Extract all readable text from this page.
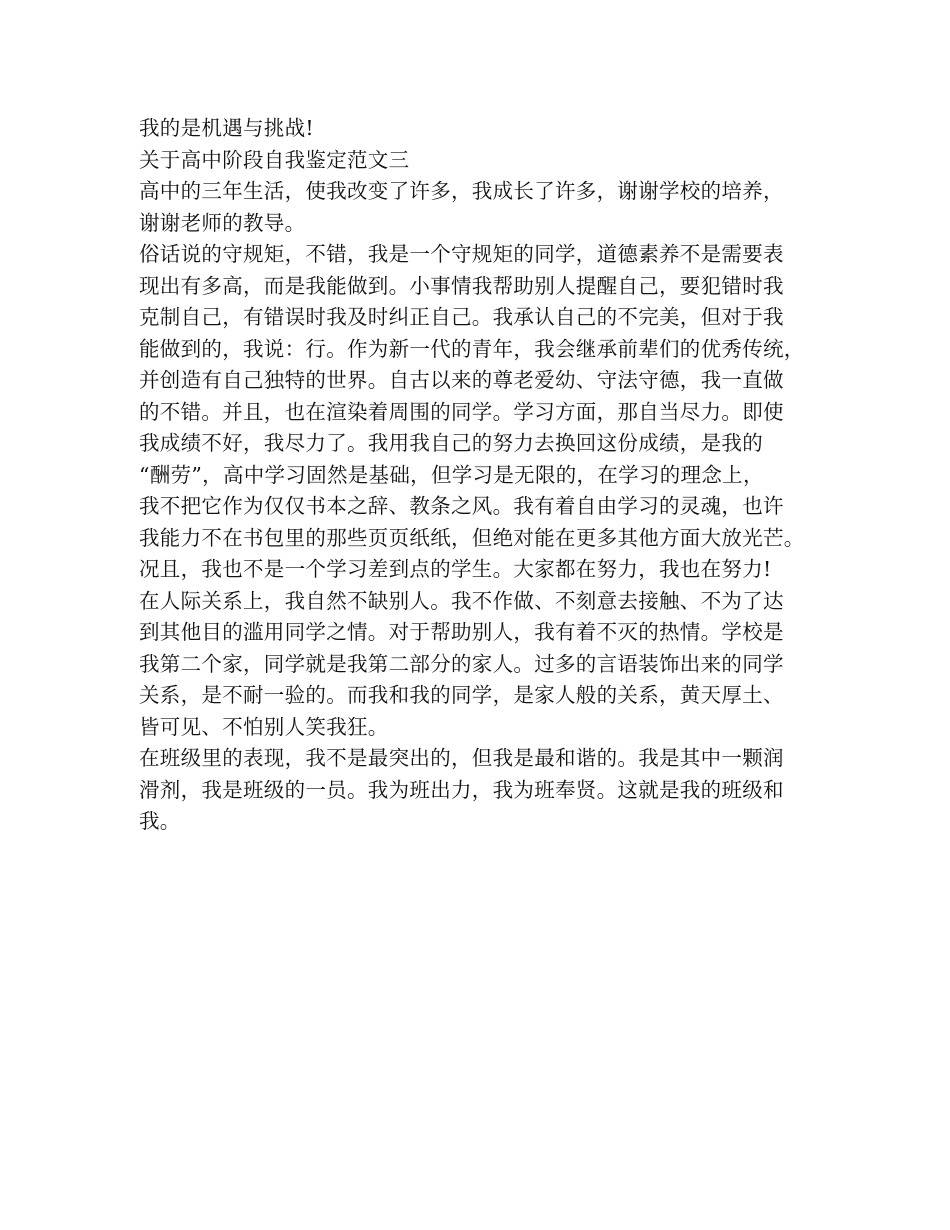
我的是机遇与挑战!
关于高中阶段自我鉴定范文三
高中的三年生活，使我改变了许多，我成长了许多，谢谢学校的培养，
谢谢老师的教导。
俗话说的守规矩，不错，我是一个守规矩的同学，道德素养不是需要表
现出有多高，而是我能做到。小事情我帮助别人提醒自己，要犯错时我
克制自己，有错误时我及时纠正自己。我承认自己的不完美，但对于我
能做到的，我说：行。作为新一代的青年，我会继承前辈们的优秀传统，
并创造有自己独特的世界。自古以来的尊老爱幼、守法守德，我一直做
的不错。并且，也在渲染着周围的同学。学习方面，那自当尽力。即使
我成绩不好，我尽力了。我用我自己的努力去换回这份成绩，是我的
“酬劳”，高中学习固然是基础，但学习是无限的，在学习的理念上，
我不把它作为仅仅书本之辞、教条之风。我有着自由学习的灵魂，也许
我能力不在书包里的那些页页纸纸，但绝对能在更多其他方面大放光芒。
况且，我也不是一个学习差到点的学生。大家都在努力，我也在努力!
在人际关系上，我自然不缺别人。我不作做、不刻意去接触、不为了达
到其他目的滥用同学之情。对于帮助别人，我有着不灭的热情。学校是
我第二个家，同学就是我第二部分的家人。过多的言语装饰出来的同学
关系，是不耐一验的。而我和我的同学，是家人般的关系，黄天厚土、
皆可见、不怕别人笑我狂。
在班级里的表现，我不是最突出的，但我是最和谐的。我是其中一颗润
滑剂，我是班级的一员。我为班出力，我为班奉贤。这就是我的班级和
我。
